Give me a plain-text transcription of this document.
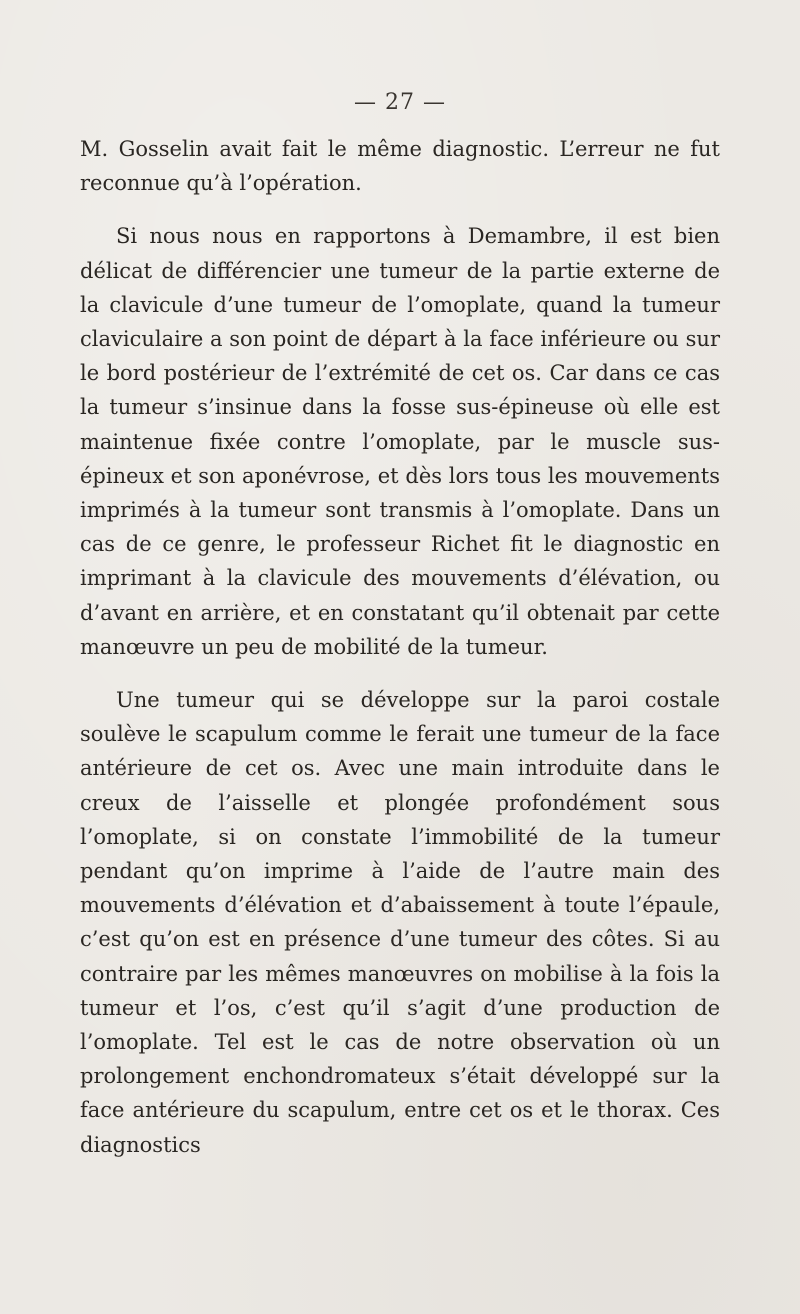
— 27 —

M. Gosselin avait fait le même diagnostic. L’erreur ne fut reconnue qu’à l’opération.

Si nous nous en rapportons à Demambre, il est bien délicat de différencier une tumeur de la partie externe de la clavicule d’une tumeur de l’omoplate, quand la tumeur claviculaire a son point de départ à la face inférieure ou sur le bord postérieur de l’extrémité de cet os. Car dans ce cas la tumeur s’insinue dans la fosse sus-épineuse où elle est maintenue fixée contre l’omoplate, par le muscle sus-épineux et son aponévrose, et dès lors tous les mouvements imprimés à la tumeur sont transmis à l’omoplate. Dans un cas de ce genre, le professeur Richet fit le diagnostic en imprimant à la clavicule des mouvements d’élévation, ou d’avant en arrière, et en constatant qu’il obtenait par cette manœuvre un peu de mobilité de la tumeur.

Une tumeur qui se développe sur la paroi costale soulève le scapulum comme le ferait une tumeur de la face antérieure de cet os. Avec une main introduite dans le creux de l’aisselle et plongée profondément sous l’omoplate, si on constate l’immobilité de la tumeur pendant qu’on imprime à l’aide de l’autre main des mouvements d’élévation et d’abaissement à toute l’épaule, c’est qu’on est en présence d’une tumeur des côtes. Si au contraire par les mêmes manœuvres on mobilise à la fois la tumeur et l’os, c’est qu’il s’agit d’une production de l’omoplate. Tel est le cas de notre observation où un prolongement enchondromateux s’était développé sur la face antérieure du scapulum, entre cet os et le thorax. Ces diagnostics
